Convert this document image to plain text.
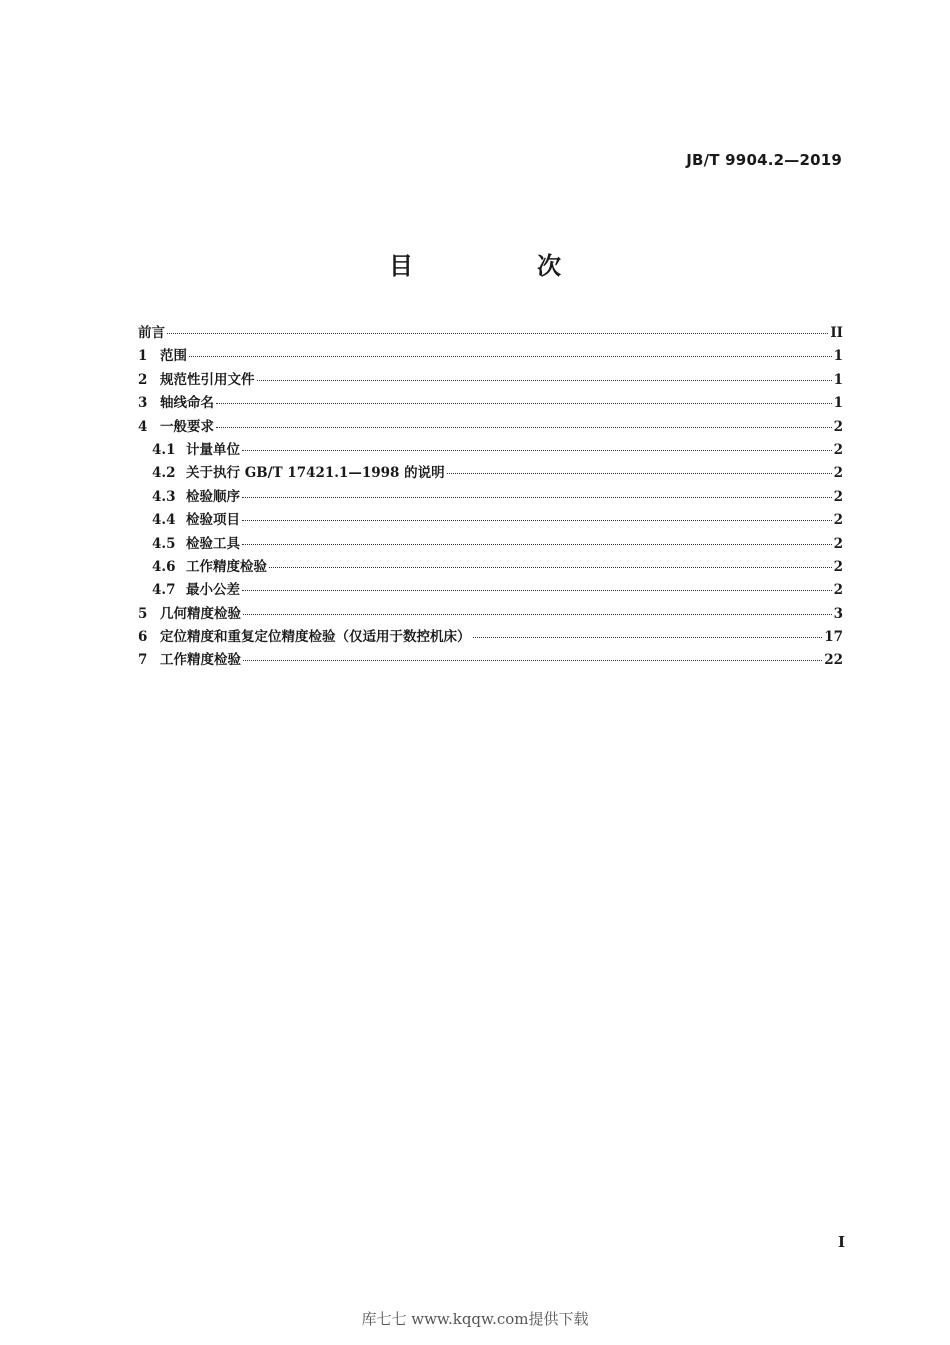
JB/T 9904.2—2019
目　次
前言	II
1 范围	1
2 规范性引用文件	1
3 轴线命名	1
4 一般要求	2
4.1 计量单位	2
4.2 关于执行 GB/T 17421.1—1998 的说明	2
4.3 检验顺序	2
4.4 检验项目	2
4.5 检验工具	2
4.6 工作精度检验	2
4.7 最小公差	2
5 几何精度检验	3
6 定位精度和重复定位精度检验（仅适用于数控机床）	17
7 工作精度检验	22
I
库七七 www.kqqw.com提供下载
